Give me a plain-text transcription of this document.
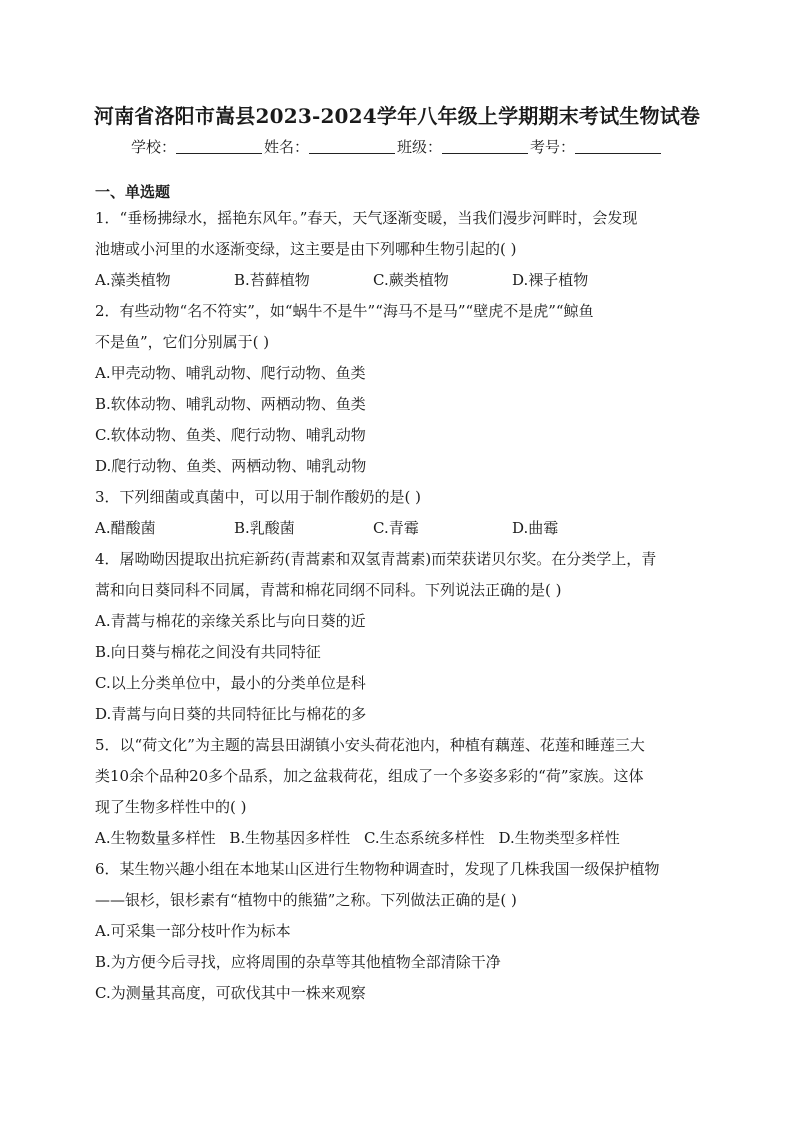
河南省洛阳市嵩县2023-2024学年八年级上学期期末考试生物试卷
学校：	姓名：	班级：	考号：
一、单选题
1．“垂杨拂绿水，摇艳东风年。”春天，天气逐渐变暖，当我们漫步河畔时，会发现
池塘或小河里的水逐渐变绿，这主要是由下列哪种生物引起的( )
A.藻类植物	B.苔藓植物	C.蕨类植物	D.裸子植物
2．有些动物“名不符实”，如“蜗牛不是牛”“海马不是马”“壁虎不是虎”“鲸鱼
不是鱼”，它们分别属于( )
A.甲壳动物、哺乳动物、爬行动物、鱼类
B.软体动物、哺乳动物、两栖动物、鱼类
C.软体动物、鱼类、爬行动物、哺乳动物
D.爬行动物、鱼类、两栖动物、哺乳动物
3．下列细菌或真菌中，可以用于制作酸奶的是( )
A.醋酸菌	B.乳酸菌	C.青霉	D.曲霉
4．屠呦呦因提取出抗疟新药(青蒿素和双氢青蒿素)而荣获诺贝尔奖。在分类学上，青
蒿和向日葵同科不同属，青蒿和棉花同纲不同科。下列说法正确的是( )
A.青蒿与棉花的亲缘关系比与向日葵的近
B.向日葵与棉花之间没有共同特征
C.以上分类单位中，最小的分类单位是科
D.青蒿与向日葵的共同特征比与棉花的多
5．以“荷文化”为主题的嵩县田湖镇小安头荷花池内，种植有藕莲、花莲和睡莲三大
类10余个品种20多个品系，加之盆栽荷花，组成了一个多姿多彩的“荷”家族。这体
现了生物多样性中的( )
A.生物数量多样性 B.生物基因多样性 C.生态系统多样性 D.生物类型多样性
6．某生物兴趣小组在本地某山区进行生物物种调查时，发现了几株我国一级保护植物
——银杉，银杉素有“植物中的熊猫”之称。下列做法正确的是( )
A.可采集一部分枝叶作为标本
B.为方便今后寻找，应将周围的杂草等其他植物全部清除干净
C.为测量其高度，可砍伐其中一株来观察
